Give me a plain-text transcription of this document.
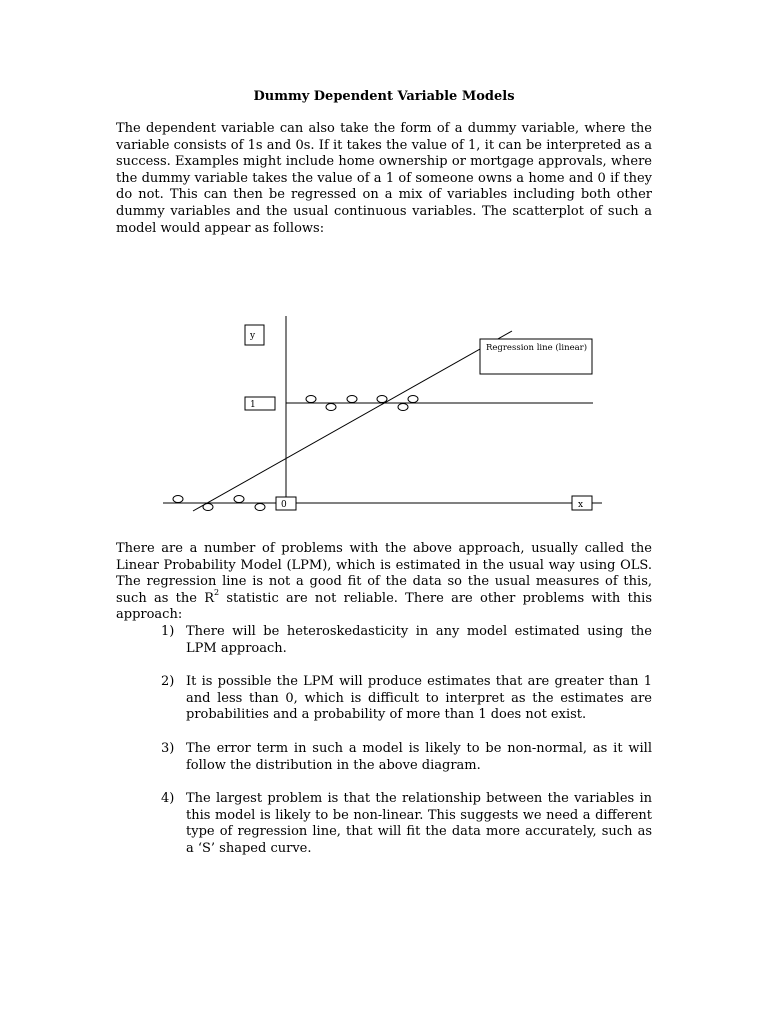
Dummy Dependent Variable Models
The dependent variable can also take the form of a dummy variable, where the variable consists of 1s and 0s. If it takes the value of 1, it can be interpreted as a success. Examples might include home ownership or mortgage approvals, where the dummy variable takes the value of a 1 of someone owns a home and 0 if they do not. This can then be regressed on a mix of variables including both other dummy variables and the usual continuous variables. The scatterplot of such a model would appear as follows:
y
1
0	x
Regression line (linear)
There are a number of problems with the above approach, usually called the Linear Probability Model (LPM), which is estimated in the usual way using OLS. The regression line is not a good fit of the data so the usual measures of this, such as the $R^2$ statistic are not reliable. There are other problems with this approach:
1) There will be heteroskedasticity in any model estimated using the LPM approach.
2) It is possible the LPM will produce estimates that are greater than 1 and less than 0, which is difficult to interpret as the estimates are probabilities and a probability of more than 1 does not exist.
3) The error term in such a model is likely to be non-normal, as it will follow the distribution in the above diagram.
4) The largest problem is that the relationship between the variables in this model is likely to be non-linear. This suggests we need a different type of regression line, that will fit the data more accurately, such as a ‘S’ shaped curve.
